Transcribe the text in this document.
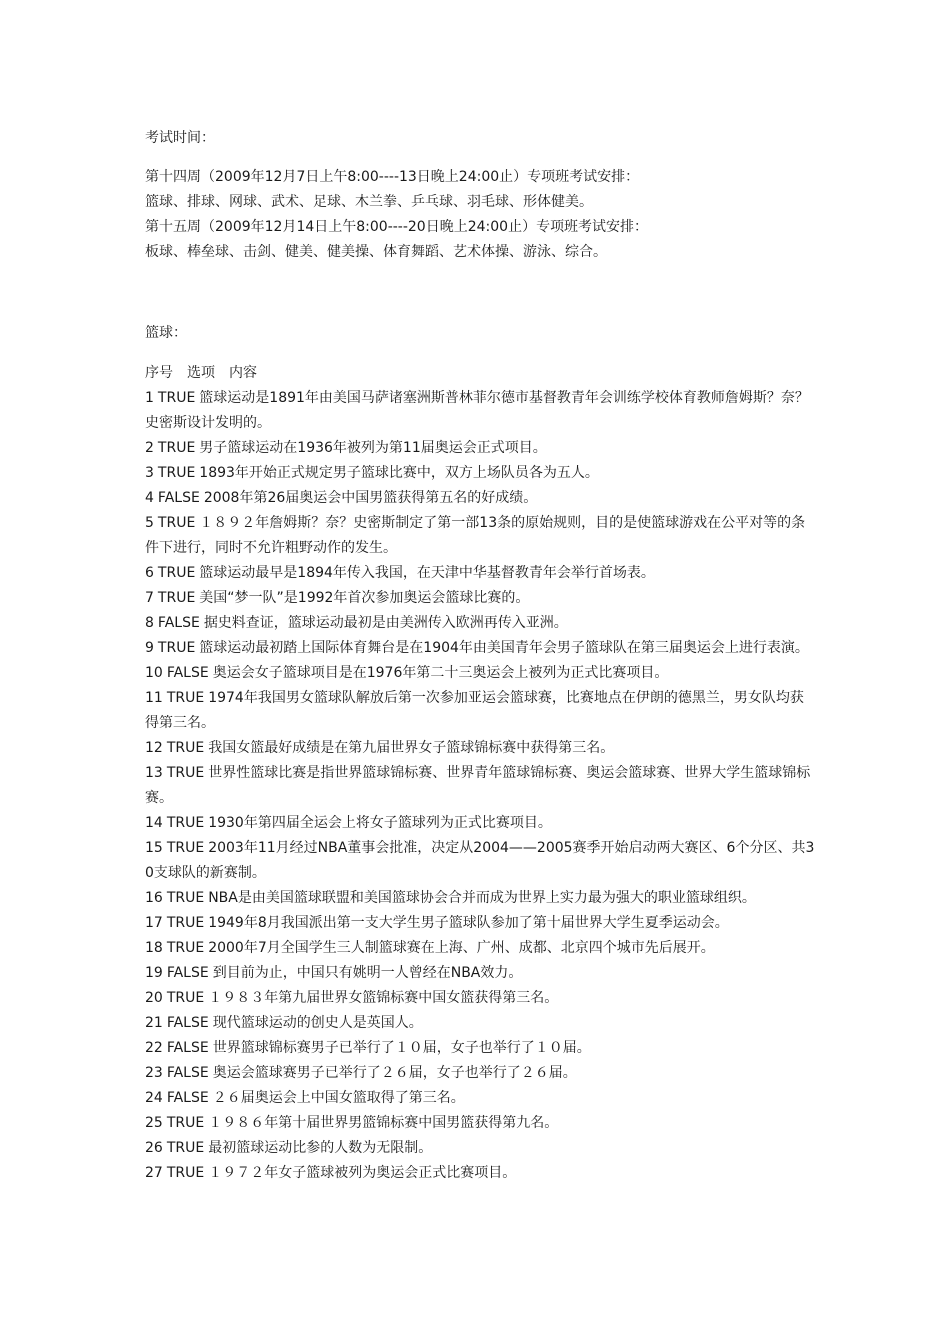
考试时间：

第十四周（2009年12月7日上午8:00----13日晚上24:00止）专项班考试安排：

篮球、排球、网球、武术、足球、木兰拳、乒乓球、羽毛球、形体健美。

第十五周（2009年12月14日上午8:00----20日晚上24:00止）专项班考试安排：

板球、棒垒球、击剑、健美、健美操、体育舞蹈、艺术体操、游泳、综合。

篮球：

序号 选项 内容

1 TRUE 篮球运动是1891年由美国马萨诸塞洲斯普林菲尔德市基督教青年会训练学校体育教师詹姆斯？奈？史密斯设计发明的。

2 TRUE 男子篮球运动在1936年被列为第11届奥运会正式项目。

3 TRUE 1893年开始正式规定男子篮球比赛中，双方上场队员各为五人。

4 FALSE 2008年第26届奥运会中国男篮获得第五名的好成绩。

5 TRUE １８９２年詹姆斯？奈？史密斯制定了第一部13条的原始规则，目的是使篮球游戏在公平对等的条件下进行，同时不允许粗野动作的发生。

6 TRUE 篮球运动最早是1894年传入我国，在天津中华基督教青年会举行首场表。

7 TRUE 美国“梦一队”是1992年首次参加奥运会篮球比赛的。

8 FALSE 据史料查证，篮球运动最初是由美洲传入欧洲再传入亚洲。

9 TRUE 篮球运动最初踏上国际体育舞台是在1904年由美国青年会男子篮球队在第三届奥运会上进行表演。

10 FALSE 奥运会女子篮球项目是在1976年第二十三奥运会上被列为正式比赛项目。

11 TRUE 1974年我国男女篮球队解放后第一次参加亚运会篮球赛，比赛地点在伊朗的德黑兰，男女队均获得第三名。

12 TRUE 我国女篮最好成绩是在第九届世界女子篮球锦标赛中获得第三名。

13 TRUE 世界性篮球比赛是指世界篮球锦标赛、世界青年篮球锦标赛、奥运会篮球赛、世界大学生篮球锦标赛。

14 TRUE 1930年第四届全运会上将女子篮球列为正式比赛项目。

15 TRUE 2003年11月经过NBA董事会批准，决定从2004——2005赛季开始启动两大赛区、6个分区、共30支球队的新赛制。

16 TRUE NBA是由美国篮球联盟和美国篮球协会合并而成为世界上实力最为强大的职业篮球组织。

17 TRUE 1949年8月我国派出第一支大学生男子篮球队参加了第十届世界大学生夏季运动会。

18 TRUE 2000年7月全国学生三人制篮球赛在上海、广州、成都、北京四个城市先后展开。

19 FALSE 到目前为止，中国只有姚明一人曾经在NBA效力。

20 TRUE １９８３年第九届世界女篮锦标赛中国女篮获得第三名。

21 FALSE 现代篮球运动的创史人是英国人。

22 FALSE 世界篮球锦标赛男子已举行了１０届，女子也举行了１０届。

23 FALSE 奥运会篮球赛男子已举行了２６届，女子也举行了２６届。

24 FALSE ２６届奥运会上中国女篮取得了第三名。

25 TRUE １９８６年第十届世界男篮锦标赛中国男篮获得第九名。

26 TRUE 最初篮球运动比参的人数为无限制。

27 TRUE １９７２年女子篮球被列为奥运会正式比赛项目。
